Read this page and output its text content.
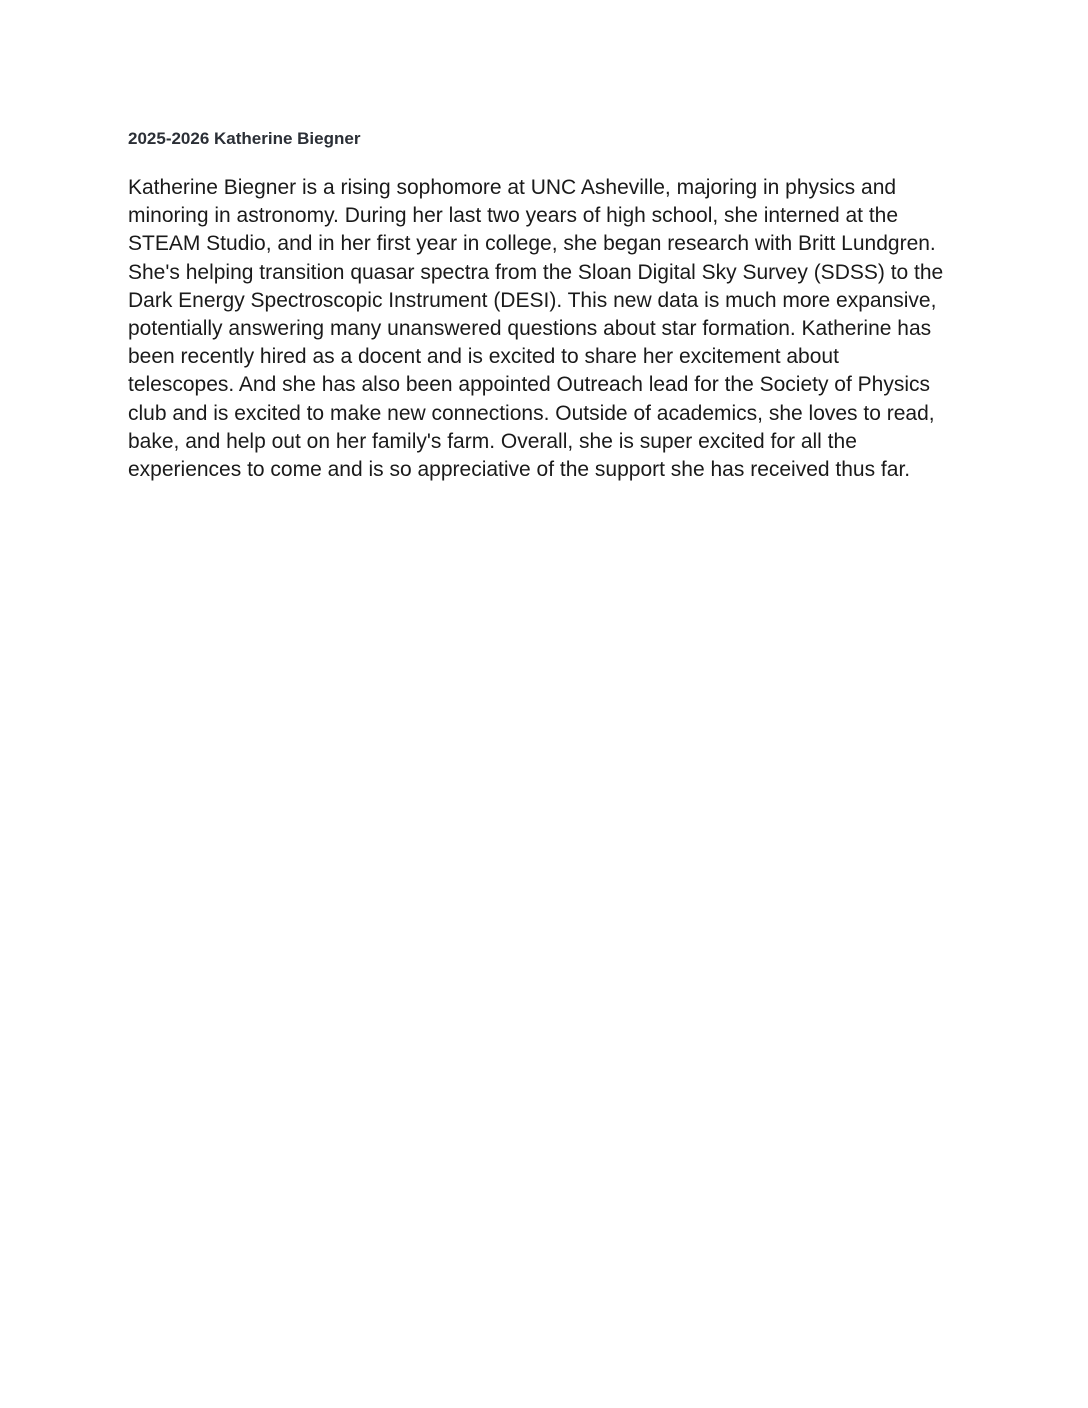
2025-2026 Katherine Biegner
Katherine Biegner is a rising sophomore at UNC Asheville, majoring in physics and
minoring in astronomy. During her last two years of high school, she interned at the
STEAM Studio, and in her first year in college, she began research with Britt Lundgren.
She's helping transition quasar spectra from the Sloan Digital Sky Survey (SDSS) to the
Dark Energy Spectroscopic Instrument (DESI). This new data is much more expansive,
potentially answering many unanswered questions about star formation. Katherine has
been recently hired as a docent and is excited to share her excitement about
telescopes. And she has also been appointed Outreach lead for the Society of Physics
club and is excited to make new connections. Outside of academics, she loves to read,
bake, and help out on her family's farm. Overall, she is super excited for all the
experiences to come and is so appreciative of the support she has received thus far.
